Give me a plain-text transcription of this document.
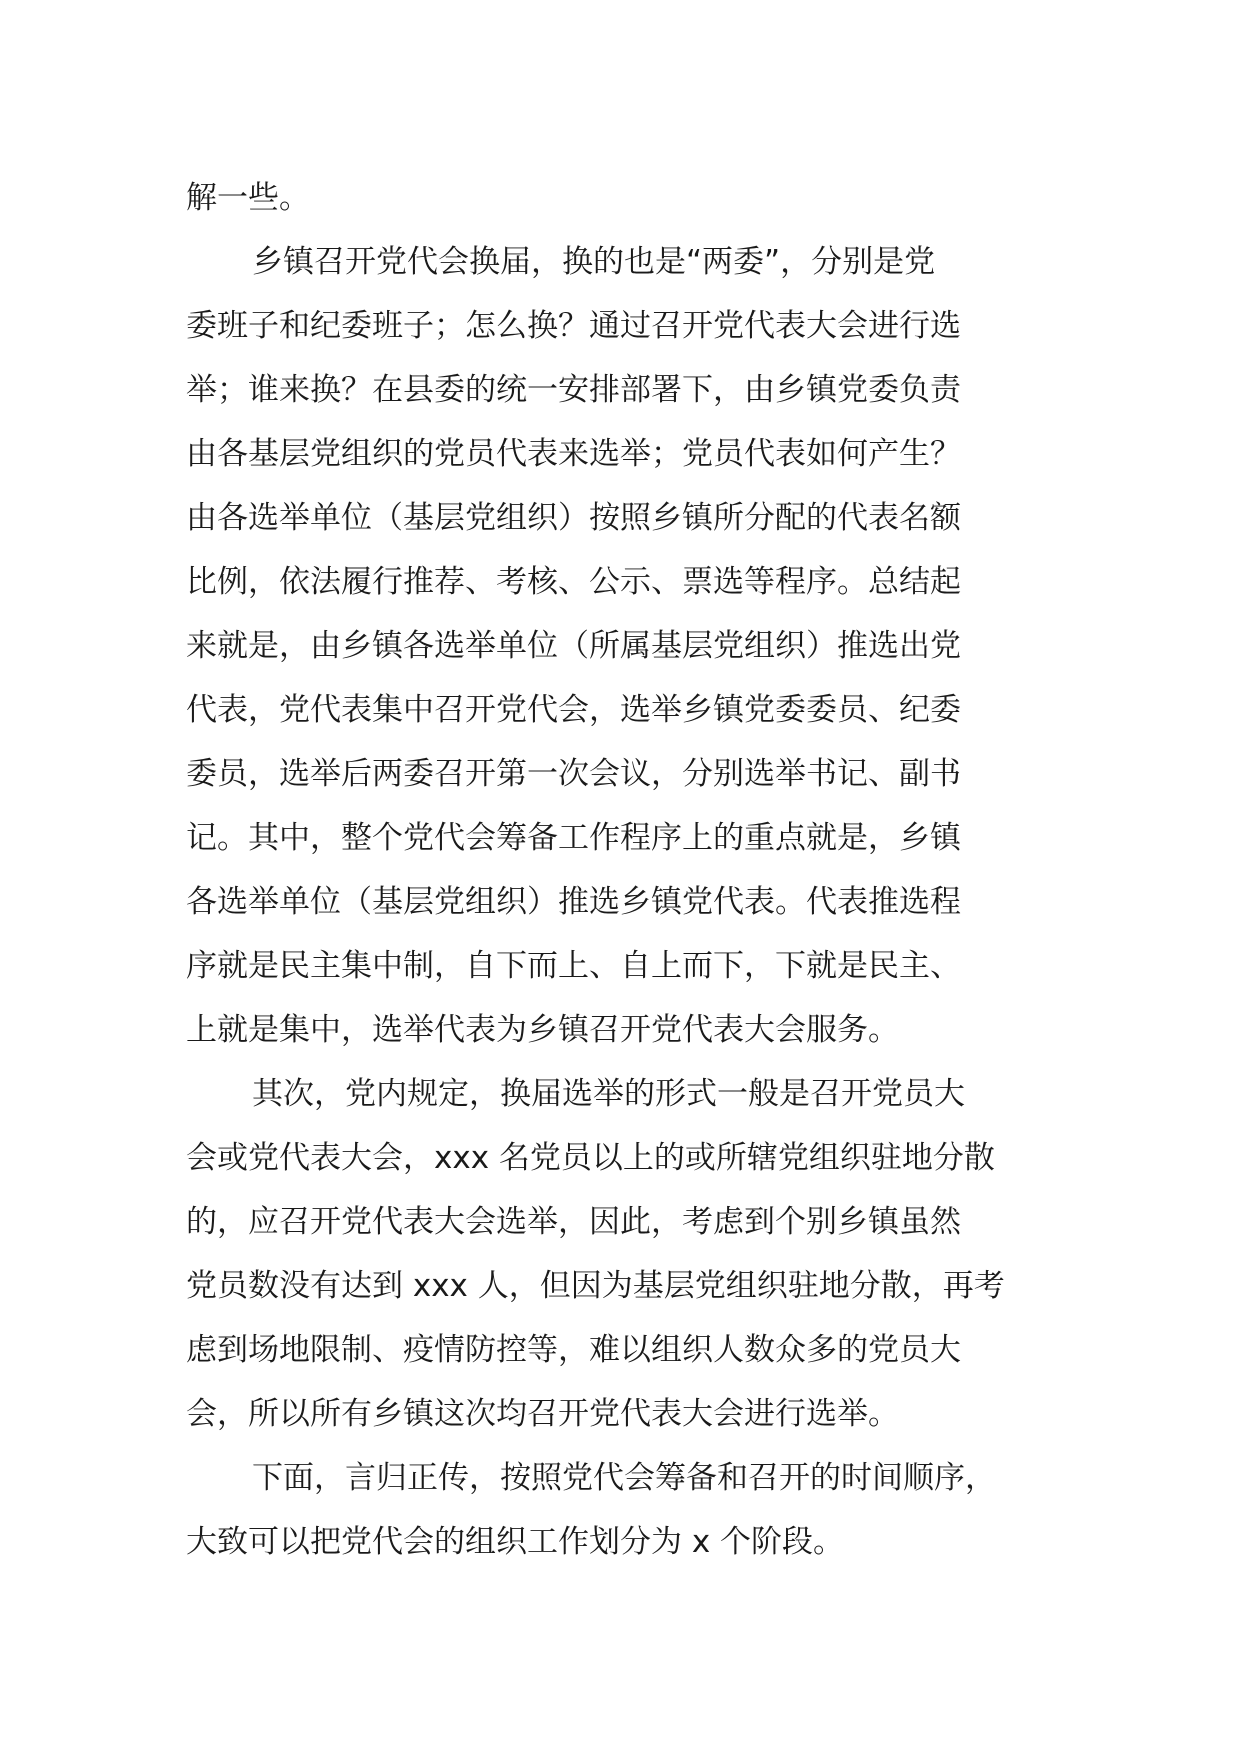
解一些。
乡镇召开党代会换届，换的也是“两委”，分别是党
委班子和纪委班子；怎么换？通过召开党代表大会进行选
举；谁来换？在县委的统一安排部署下，由乡镇党委负责
由各基层党组织的党员代表来选举；党员代表如何产生？
由各选举单位（基层党组织）按照乡镇所分配的代表名额
比例，依法履行推荐、考核、公示、票选等程序。总结起
来就是，由乡镇各选举单位（所属基层党组织）推选出党
代表，党代表集中召开党代会，选举乡镇党委委员、纪委
委员，选举后两委召开第一次会议，分别选举书记、副书
记。其中，整个党代会筹备工作程序上的重点就是，乡镇
各选举单位（基层党组织）推选乡镇党代表。代表推选程
序就是民主集中制，自下而上、自上而下，下就是民主、
上就是集中，选举代表为乡镇召开党代表大会服务。
其次，党内规定，换届选举的形式一般是召开党员大
会或党代表大会，xxx 名党员以上的或所辖党组织驻地分散
的，应召开党代表大会选举，因此，考虑到个别乡镇虽然
党员数没有达到 xxx 人，但因为基层党组织驻地分散，再考
虑到场地限制、疫情防控等，难以组织人数众多的党员大
会，所以所有乡镇这次均召开党代表大会进行选举。
下面，言归正传，按照党代会筹备和召开的时间顺序，
大致可以把党代会的组织工作划分为 x 个阶段。
